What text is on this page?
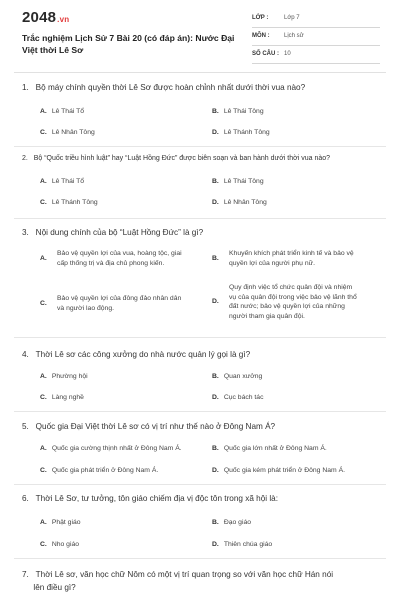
2048.vn
Trắc nghiệm Lịch Sử 7 Bài 20 (có đáp án): Nước Đại Việt thời Lê Sơ
LỚP :	Lớp 7
MÔN : Lịch sử
SỐ CÂU : 10
1. Bộ máy chính quyền thời Lê Sơ được hoàn chỉnh nhất dưới thời vua nào?
A. Lê Thái Tổ	B. Lê Thái Tông
C. Lê Nhân Tông	D. Lê Thánh Tông
2. Bộ “Quốc triều hình luật” hay “Luật Hồng Đức” được biên soạn và ban hành dưới thời vua nào?
A. Lê Thái Tổ	B. Lê Thái Tông
C. Lê Thánh Tông	D. Lê Nhân Tông
3. Nội dung chính của bộ “Luật Hồng Đức” là gì?
A.
Bảo vệ quyền lợi của vua, hoàng tộc, giai
cấp thống trị và địa chủ phong kiến.
B.
Khuyến khích phát triển kinh tế và bảo vệ
quyền lợi của người phụ nữ.
C.
Bảo vệ quyền lợi của đông đảo nhân dân
và người lao động.
D.
Quy định việc tổ chức quân đội và nhiệm
vụ của quân đội trong việc bảo vệ lãnh thổ
đất nước; bảo vệ quyền lợi của những
người tham gia quân đội.
4. Thời Lê sơ các công xưởng do nhà nước quản lý gọi là gì?
A. Phường hội	B. Quan xưởng
C. Làng nghề	D. Cục bách tác
5. Quốc gia Đại Việt thời Lê sơ có vị trí như thế nào ở Đông Nam Á?
A. Quốc gia cường thịnh nhất ở Đông Nam Á.	B. Quốc gia lớn nhất ở Đông Nam Á.
C. Quốc gia phát triển ở Đông Nam Á.	D. Quốc gia kém phát triển ở Đông Nam Á.
6. Thời Lê Sơ, tư tưởng, tôn giáo chiếm địa vị độc tôn trong xã hội là:
A. Phật giáo	B. Đạo giáo
C. Nho giáo	D. Thiên chúa giáo
7. Thời Lê sơ, văn học chữ Nôm có một vị trí quan trọng so với văn học chữ Hán nói
lên điều gì?
